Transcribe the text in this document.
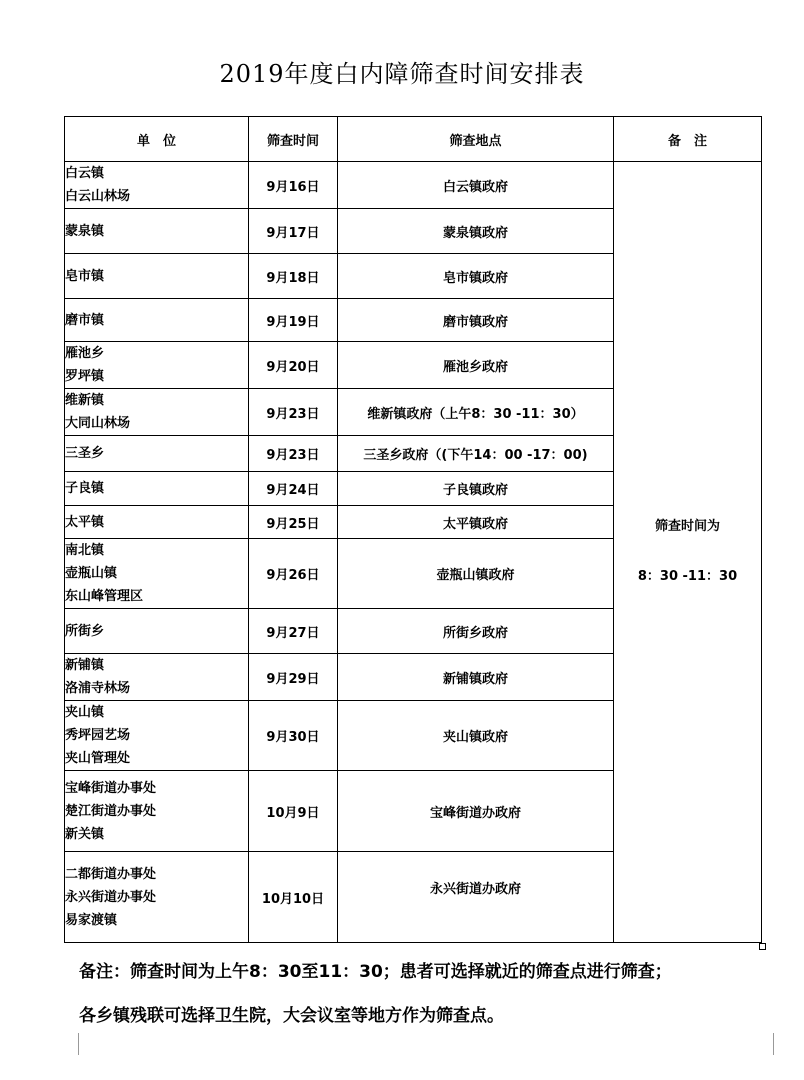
2019年度白内障筛查时间安排表
单　位	筛查时间	筛查地点	备　注

白云镇
白云山林场	9月16日	白云镇政府	筛查时间为
8：30 -11：30

蒙泉镇	9月17日	蒙泉镇政府	

皂市镇	9月18日	皂市镇政府	

磨市镇	9月19日	磨市镇政府	

雁池乡
罗坪镇	9月20日	雁池乡政府	

维新镇
大同山林场	9月23日	维新镇政府（上午8：30 -11：30）	

三圣乡	9月23日	三圣乡政府（(下午14：00 -17：00)	

子良镇	9月24日	子良镇政府	

太平镇	9月25日	太平镇政府	

南北镇
壶瓶山镇
东山峰管理区	9月26日	壶瓶山镇政府	

所街乡	9月27日	所街乡政府	

新铺镇
洛浦寺林场	9月29日	新铺镇政府	

夹山镇
秀坪园艺场
夹山管理处	9月30日	夹山镇政府	

宝峰街道办事处
楚江街道办事处
新关镇	10月9日	宝峰街道办政府	

二都街道办事处
永兴街道办事处
易家渡镇	10月10日	永兴街道办政府	
备注：筛查时间为上午8：30至11：30；患者可选择就近的筛查点进行筛查；
各乡镇残联可选择卫生院，大会议室等地方作为筛查点。
